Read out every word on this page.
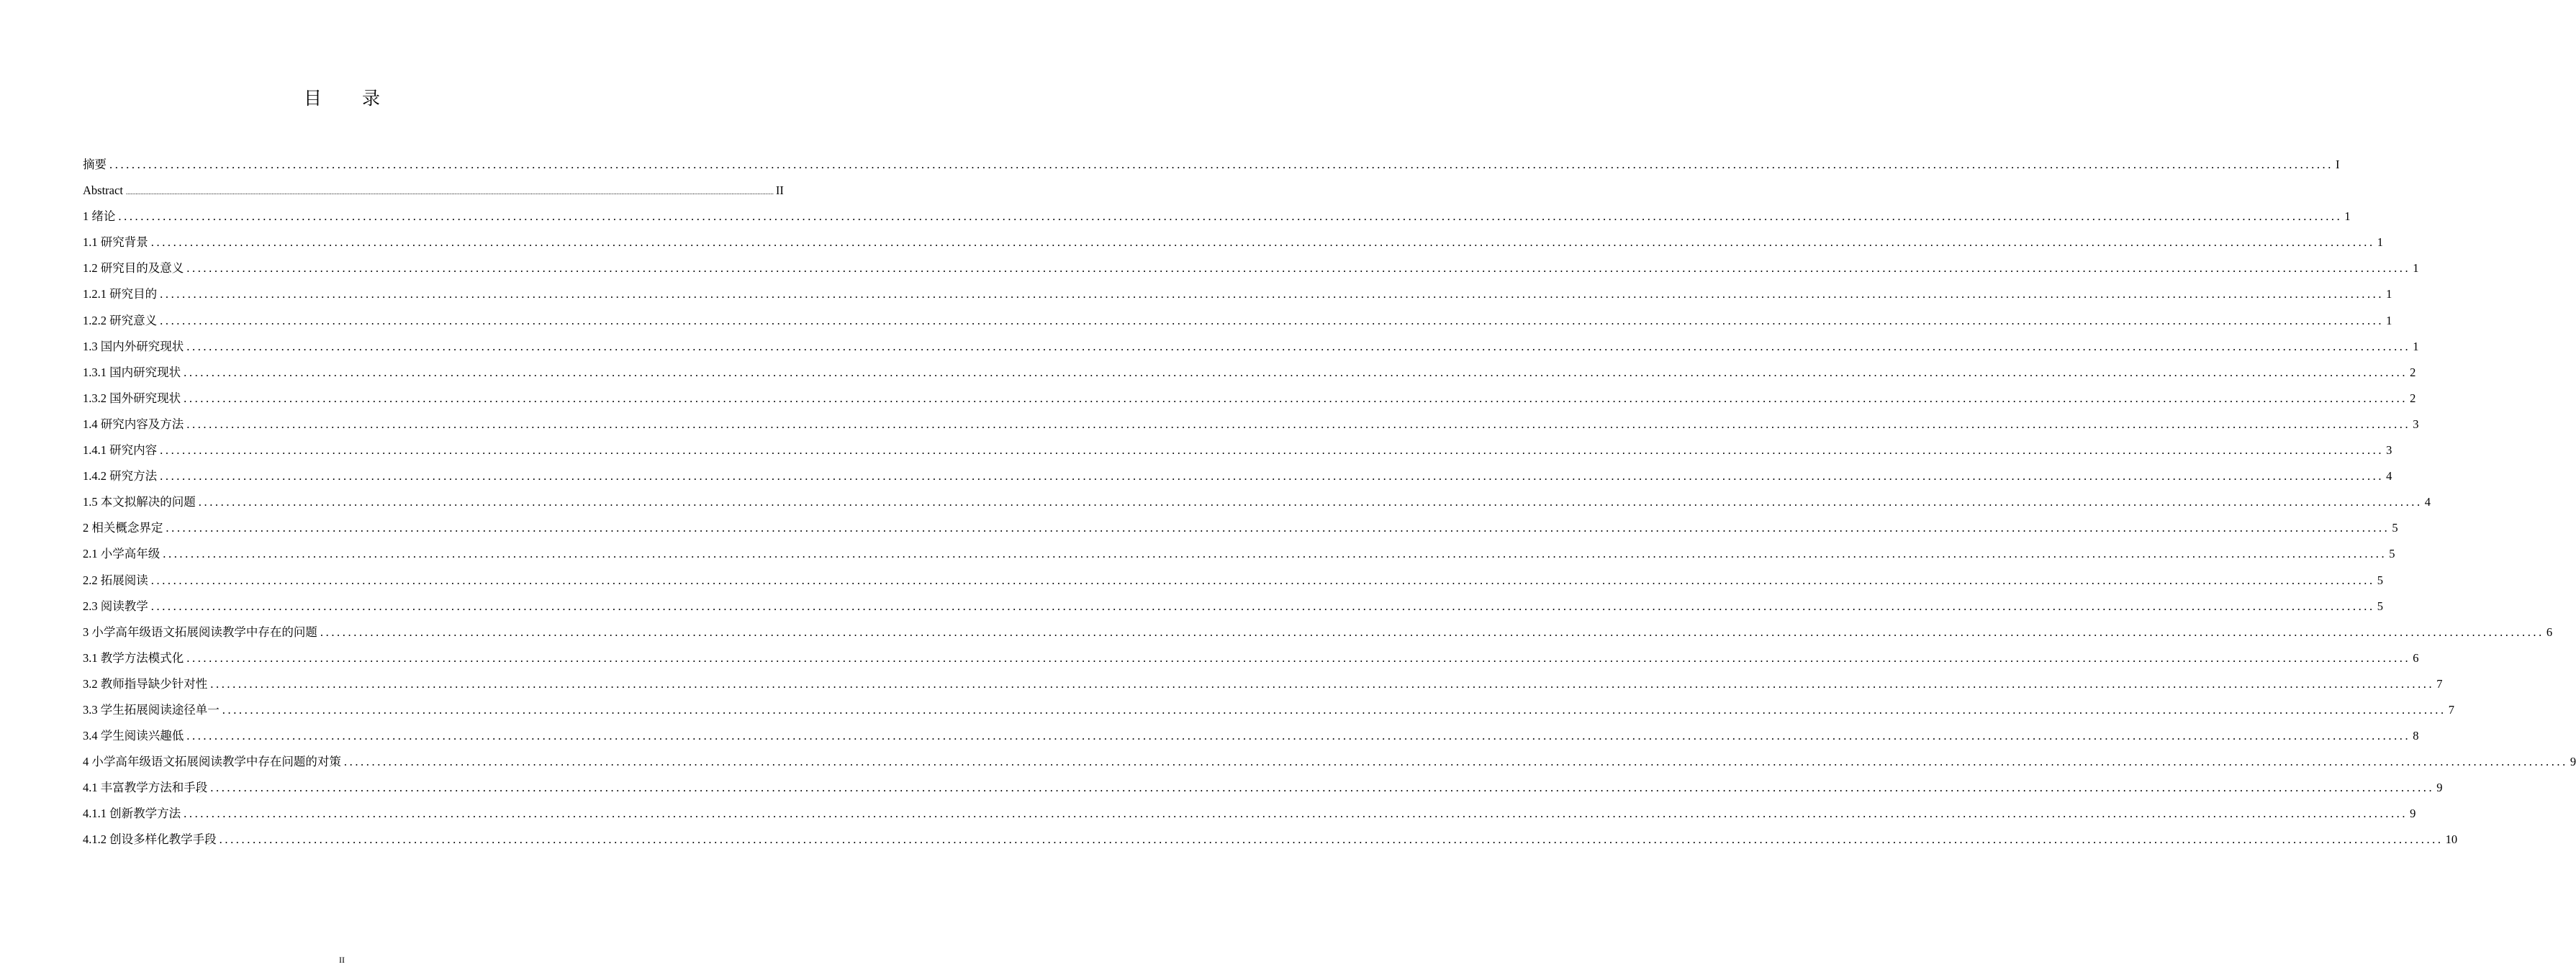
目 录
摘要 ................................................................................................................................................................................................................................................................................................................................................................................................................ I
Abstract ................................................................................................................................................................................................................................................................................................................................................................................................................ II
1 绪论 ................................................................................................................................................................................................................................................................................................................................................................................................................ 1
1.1 研究背景 ................................................................................................................................................................................................................................................................................................................................................................................................................ 1
1.2 研究目的及意义 ................................................................................................................................................................................................................................................................................................................................................................................................................ 1
1.2.1 研究目的 ................................................................................................................................................................................................................................................................................................................................................................................................................ 1
1.2.2 研究意义 ................................................................................................................................................................................................................................................................................................................................................................................................................ 1
1.3 国内外研究现状 ................................................................................................................................................................................................................................................................................................................................................................................................................ 1
1.3.1 国内研究现状 ................................................................................................................................................................................................................................................................................................................................................................................................................ 2
1.3.2 国外研究现状 ................................................................................................................................................................................................................................................................................................................................................................................................................ 2
1.4 研究内容及方法 ................................................................................................................................................................................................................................................................................................................................................................................................................ 3
1.4.1 研究内容 ................................................................................................................................................................................................................................................................................................................................................................................................................ 3
1.4.2 研究方法 ................................................................................................................................................................................................................................................................................................................................................................................................................ 4
1.5 本文拟解决的问题 ................................................................................................................................................................................................................................................................................................................................................................................................................ 4
2 相关概念界定 ................................................................................................................................................................................................................................................................................................................................................................................................................ 5
2.1 小学高年级 ................................................................................................................................................................................................................................................................................................................................................................................................................ 5
2.2 拓展阅读 ................................................................................................................................................................................................................................................................................................................................................................................................................ 5
2.3 阅读教学 ................................................................................................................................................................................................................................................................................................................................................................................................................ 5
3 小学高年级语文拓展阅读教学中存在的问题 ................................................................................................................................................................................................................................................................................................................................................................................................................ 6
3.1 教学方法模式化 ................................................................................................................................................................................................................................................................................................................................................................................................................ 6
3.2 教师指导缺少针对性 ................................................................................................................................................................................................................................................................................................................................................................................................................ 7
3.3 学生拓展阅读途径单一 ................................................................................................................................................................................................................................................................................................................................................................................................................ 7
3.4 学生阅读兴趣低 ................................................................................................................................................................................................................................................................................................................................................................................................................ 8
4 小学高年级语文拓展阅读教学中存在问题的对策 ................................................................................................................................................................................................................................................................................................................................................................................................................ 9
4.1 丰富教学方法和手段 ................................................................................................................................................................................................................................................................................................................................................................................................................ 9
4.1.1 创新教学方法 ................................................................................................................................................................................................................................................................................................................................................................................................................ 9
4.1.2 创设多样化教学手段 ................................................................................................................................................................................................................................................................................................................................................................................................................ 10
II
